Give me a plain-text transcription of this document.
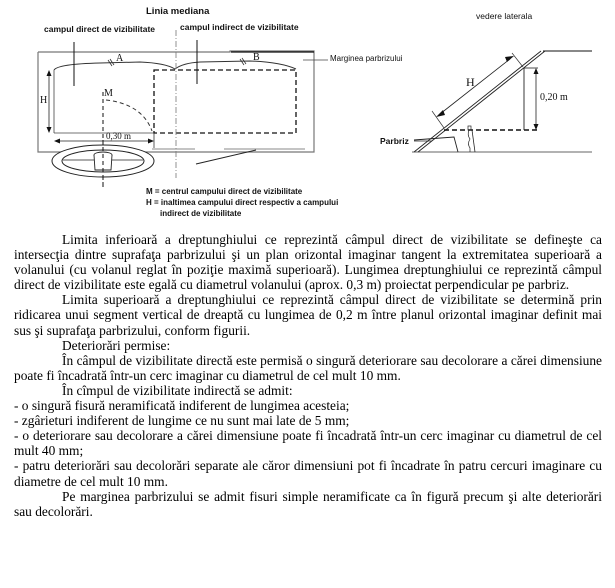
Linia mediana
campul direct de vizibilitate	campul indirect de vizibilitate
Marginea parbrizului
A	B
H
M
0,30 m
vedere laterala
H
0,20 m
Parbriz
M = centrul campului direct de vizibilitate
H = inaltimea campului direct respectiv a campului
indirect de vizibilitate

Limita inferioară a dreptunghiului ce reprezintă câmpul direct de vizibilitate se defineşte ca intersecţia dintre suprafaţa parbrizului şi un plan orizontal imaginar tangent la extremitatea superioară a volanului (cu volanul reglat în poziţie maximă superioară). Lungimea dreptunghiului ce reprezintă câmpul direct de vizibilitate este egală cu diametrul volanului (aprox. 0,3 m) proiectat perpendicular pe parbriz.

Limita superioară a dreptunghiului ce reprezintă câmpul direct de vizibilitate se determină prin ridicarea unui segment vertical de dreaptă cu lungimea de 0,2 m între planul orizontal imaginar definit mai sus şi suprafaţa parbrizului, conform figurii.

Deteriorări permise:

În câmpul de vizibilitate directă este permisă o singură deteriorare sau decolorare a cărei dimensiune poate fi încadrată într-un cerc imaginar cu diametrul de cel mult 10 mm.

În cîmpul de vizibilitate indirectă se admit:

- o singură fisură neramificată indiferent de lungimea acesteia;

- zgârieturi indiferent de lungime ce nu sunt mai late de 5 mm;

- o deteriorare sau decolorare a cărei dimensiune poate fi încadrată într-un cerc imaginar cu diametrul de cel mult 40 mm;

- patru deteriorări sau decolorări separate ale căror dimensiuni pot fi încadrate în patru cercuri imaginare cu diametre de cel mult 10 mm.

Pe marginea parbrizului se admit fisuri simple neramificate ca în figură precum şi alte deteriorări sau decolorări.
